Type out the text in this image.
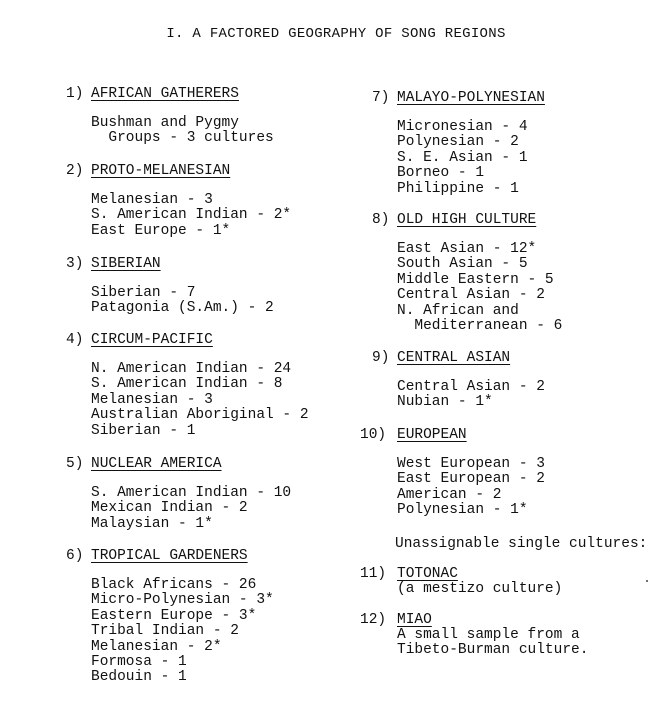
I. A FACTORED GEOGRAPHY OF SONG REGIONS
1) AFRICAN GATHERERS
Bushman and Pygmy
Groups - 3 cultures
2) PROTO-MELANESIAN
Melanesian - 3
S. American Indian - 2*
East Europe - 1*
3) SIBERIAN
Siberian - 7
Patagonia (S.Am.) - 2
4) CIRCUM-PACIFIC
N. American Indian - 24
S. American Indian - 8
Melanesian - 3
Australian Aboriginal - 2
Siberian - 1
5) NUCLEAR AMERICA
S. American Indian - 10
Mexican Indian - 2
Malaysian - 1*
6) TROPICAL GARDENERS
Black Africans - 26
Micro-Polynesian - 3*
Eastern Europe - 3*
Tribal Indian - 2
Melanesian - 2*
Formosa - 1
Bedouin - 1
7) MALAYO-POLYNESIAN
Micronesian - 4
Polynesian - 2
S. E. Asian - 1
Borneo - 1
Philippine - 1
8) OLD HIGH CULTURE
East Asian - 12*
South Asian - 5
Middle Eastern - 5
Central Asian - 2
N. African and
Mediterranean - 6
9) CENTRAL ASIAN
Central Asian - 2
Nubian - 1*
10) EUROPEAN
West European - 3
East European - 2
American - 2
Polynesian - 1*
11) TOTONAC
(a mestizo culture)
12) MIAO
A small sample from a
Tibeto-Burman culture.
Unassignable single cultures:
